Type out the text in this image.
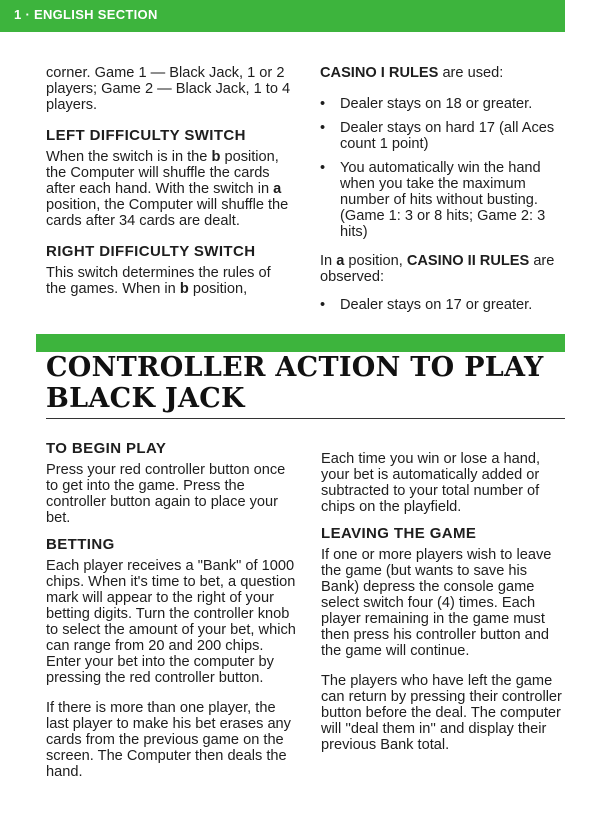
1 · ENGLISH SECTION

corner. Game 1 — Black Jack, 1 or 2 players; Game 2 — Black Jack, 1 to 4 players.

LEFT DIFFICULTY SWITCH

When the switch is in the b position, the Computer will shuffle the cards after each hand. With the switch in a position, the Computer will shuffle the cards after 34 cards are dealt.

RIGHT DIFFICULTY SWITCH

This switch determines the rules of the games. When in b position,

CASINO I RULES are used:

• Dealer stays on 18 or greater.
• Dealer stays on hard 17 (all Aces count 1 point)
• You automatically win the hand when you take the maximum number of hits without busting. (Game 1: 3 or 8 hits; Game 2: 3 hits)

In a position, CASINO II RULES are observed:

• Dealer stays on 17 or greater.
CONTROLLER ACTION TO PLAY
BLACK JACK
TO BEGIN PLAY

Press your red controller button once to get into the game. Press the controller button again to place your bet.

BETTING

Each player receives a "Bank" of 1000 chips. When it's time to bet, a question mark will appear to the right of your betting digits. Turn the controller knob to select the amount of your bet, which can range from 20 and 200 chips. Enter your bet into the computer by pressing the red controller button.

If there is more than one player, the last player to make his bet erases any cards from the previous game on the screen. The Computer then deals the hand.

Each time you win or lose a hand, your bet is automatically added or subtracted to your total number of chips on the playfield.

LEAVING THE GAME

If one or more players wish to leave the game (but wants to save his Bank) depress the console game select switch four (4) times. Each player remaining in the game must then press his controller button and the game will continue.

The players who have left the game can return by pressing their controller button before the deal. The computer will ''deal them in'' and display their previous Bank total.
